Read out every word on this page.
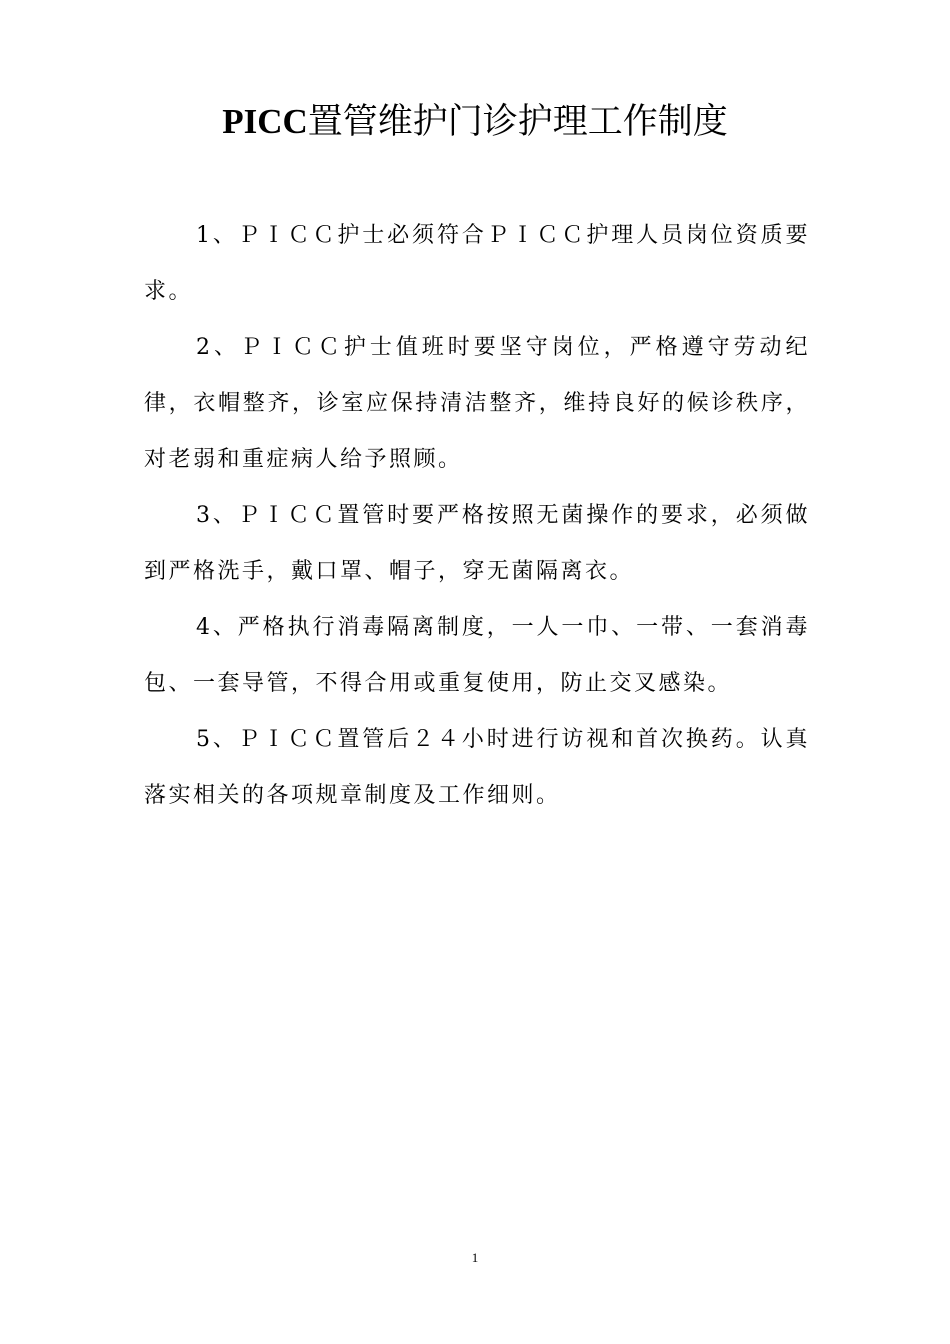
PICC置管维护门诊护理工作制度

1、ＰＩＣＣ护士必须符合ＰＩＣＣ护理人员岗位资质要求。

2、ＰＩＣＣ护士值班时要坚守岗位，严格遵守劳动纪律，衣帽整齐，诊室应保持清洁整齐，维持良好的候诊秩序，对老弱和重症病人给予照顾。

3、ＰＩＣＣ置管时要严格按照无菌操作的要求，必须做到严格洗手，戴口罩、帽子，穿无菌隔离衣。

4、严格执行消毒隔离制度，一人一巾、一带、一套消毒包、一套导管，不得合用或重复使用，防止交叉感染。

5、ＰＩＣＣ置管后２４小时进行访视和首次换药。认真落实相关的各项规章制度及工作细则。

1
